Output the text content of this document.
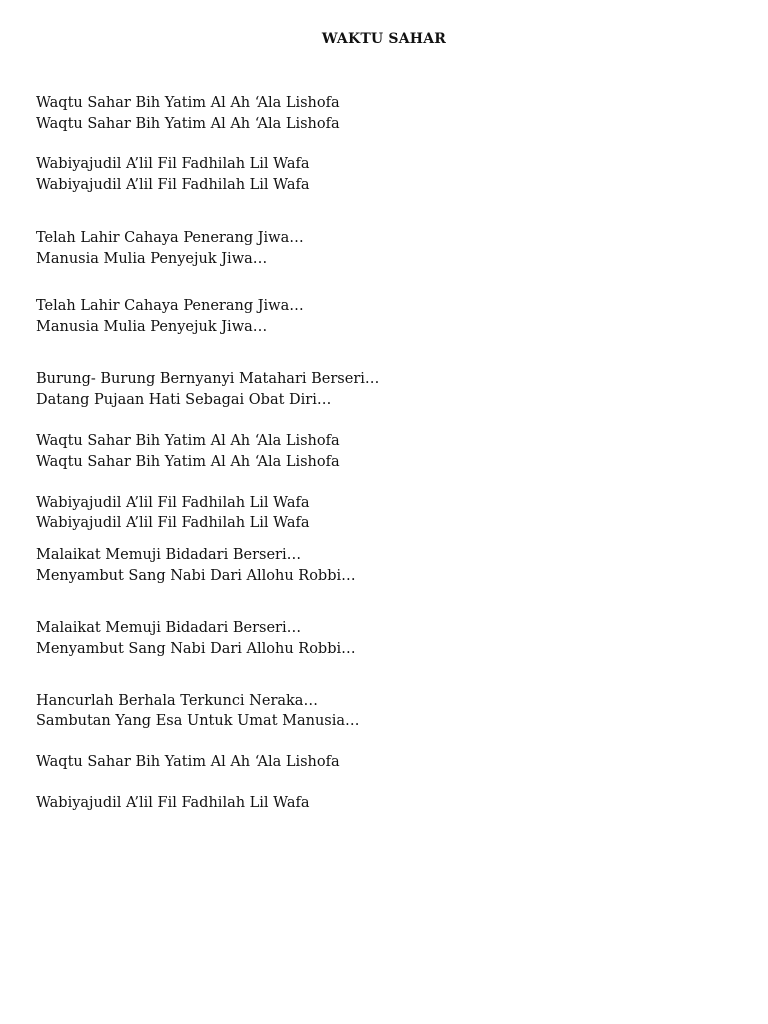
WAKTU SAHAR
Waqtu Sahar Bih Yatim Al Ah ‘Ala Lishofa
Waqtu Sahar Bih Yatim Al Ah ‘Ala Lishofa
Wabiyajudil A’lil Fil Fadhilah Lil Wafa
Wabiyajudil A’lil Fil Fadhilah Lil Wafa
Telah Lahir Cahaya Penerang Jiwa…
Manusia Mulia Penyejuk Jiwa…
Telah Lahir Cahaya Penerang Jiwa…
Manusia Mulia Penyejuk Jiwa…
Burung- Burung Bernyanyi Matahari Berseri…
Datang Pujaan Hati Sebagai Obat Diri…
Waqtu Sahar Bih Yatim Al Ah ‘Ala Lishofa
Waqtu Sahar Bih Yatim Al Ah ‘Ala Lishofa
Wabiyajudil A’lil Fil Fadhilah Lil Wafa
Wabiyajudil A’lil Fil Fadhilah Lil Wafa
Malaikat Memuji Bidadari Berseri…
Menyambut Sang Nabi Dari Allohu Robbi…
Malaikat Memuji Bidadari Berseri…
Menyambut Sang Nabi Dari Allohu Robbi…
Hancurlah Berhala Terkunci Neraka…
Sambutan Yang Esa Untuk Umat Manusia…
Waqtu Sahar Bih Yatim Al Ah ‘Ala Lishofa
Wabiyajudil A’lil Fil Fadhilah Lil Wafa
